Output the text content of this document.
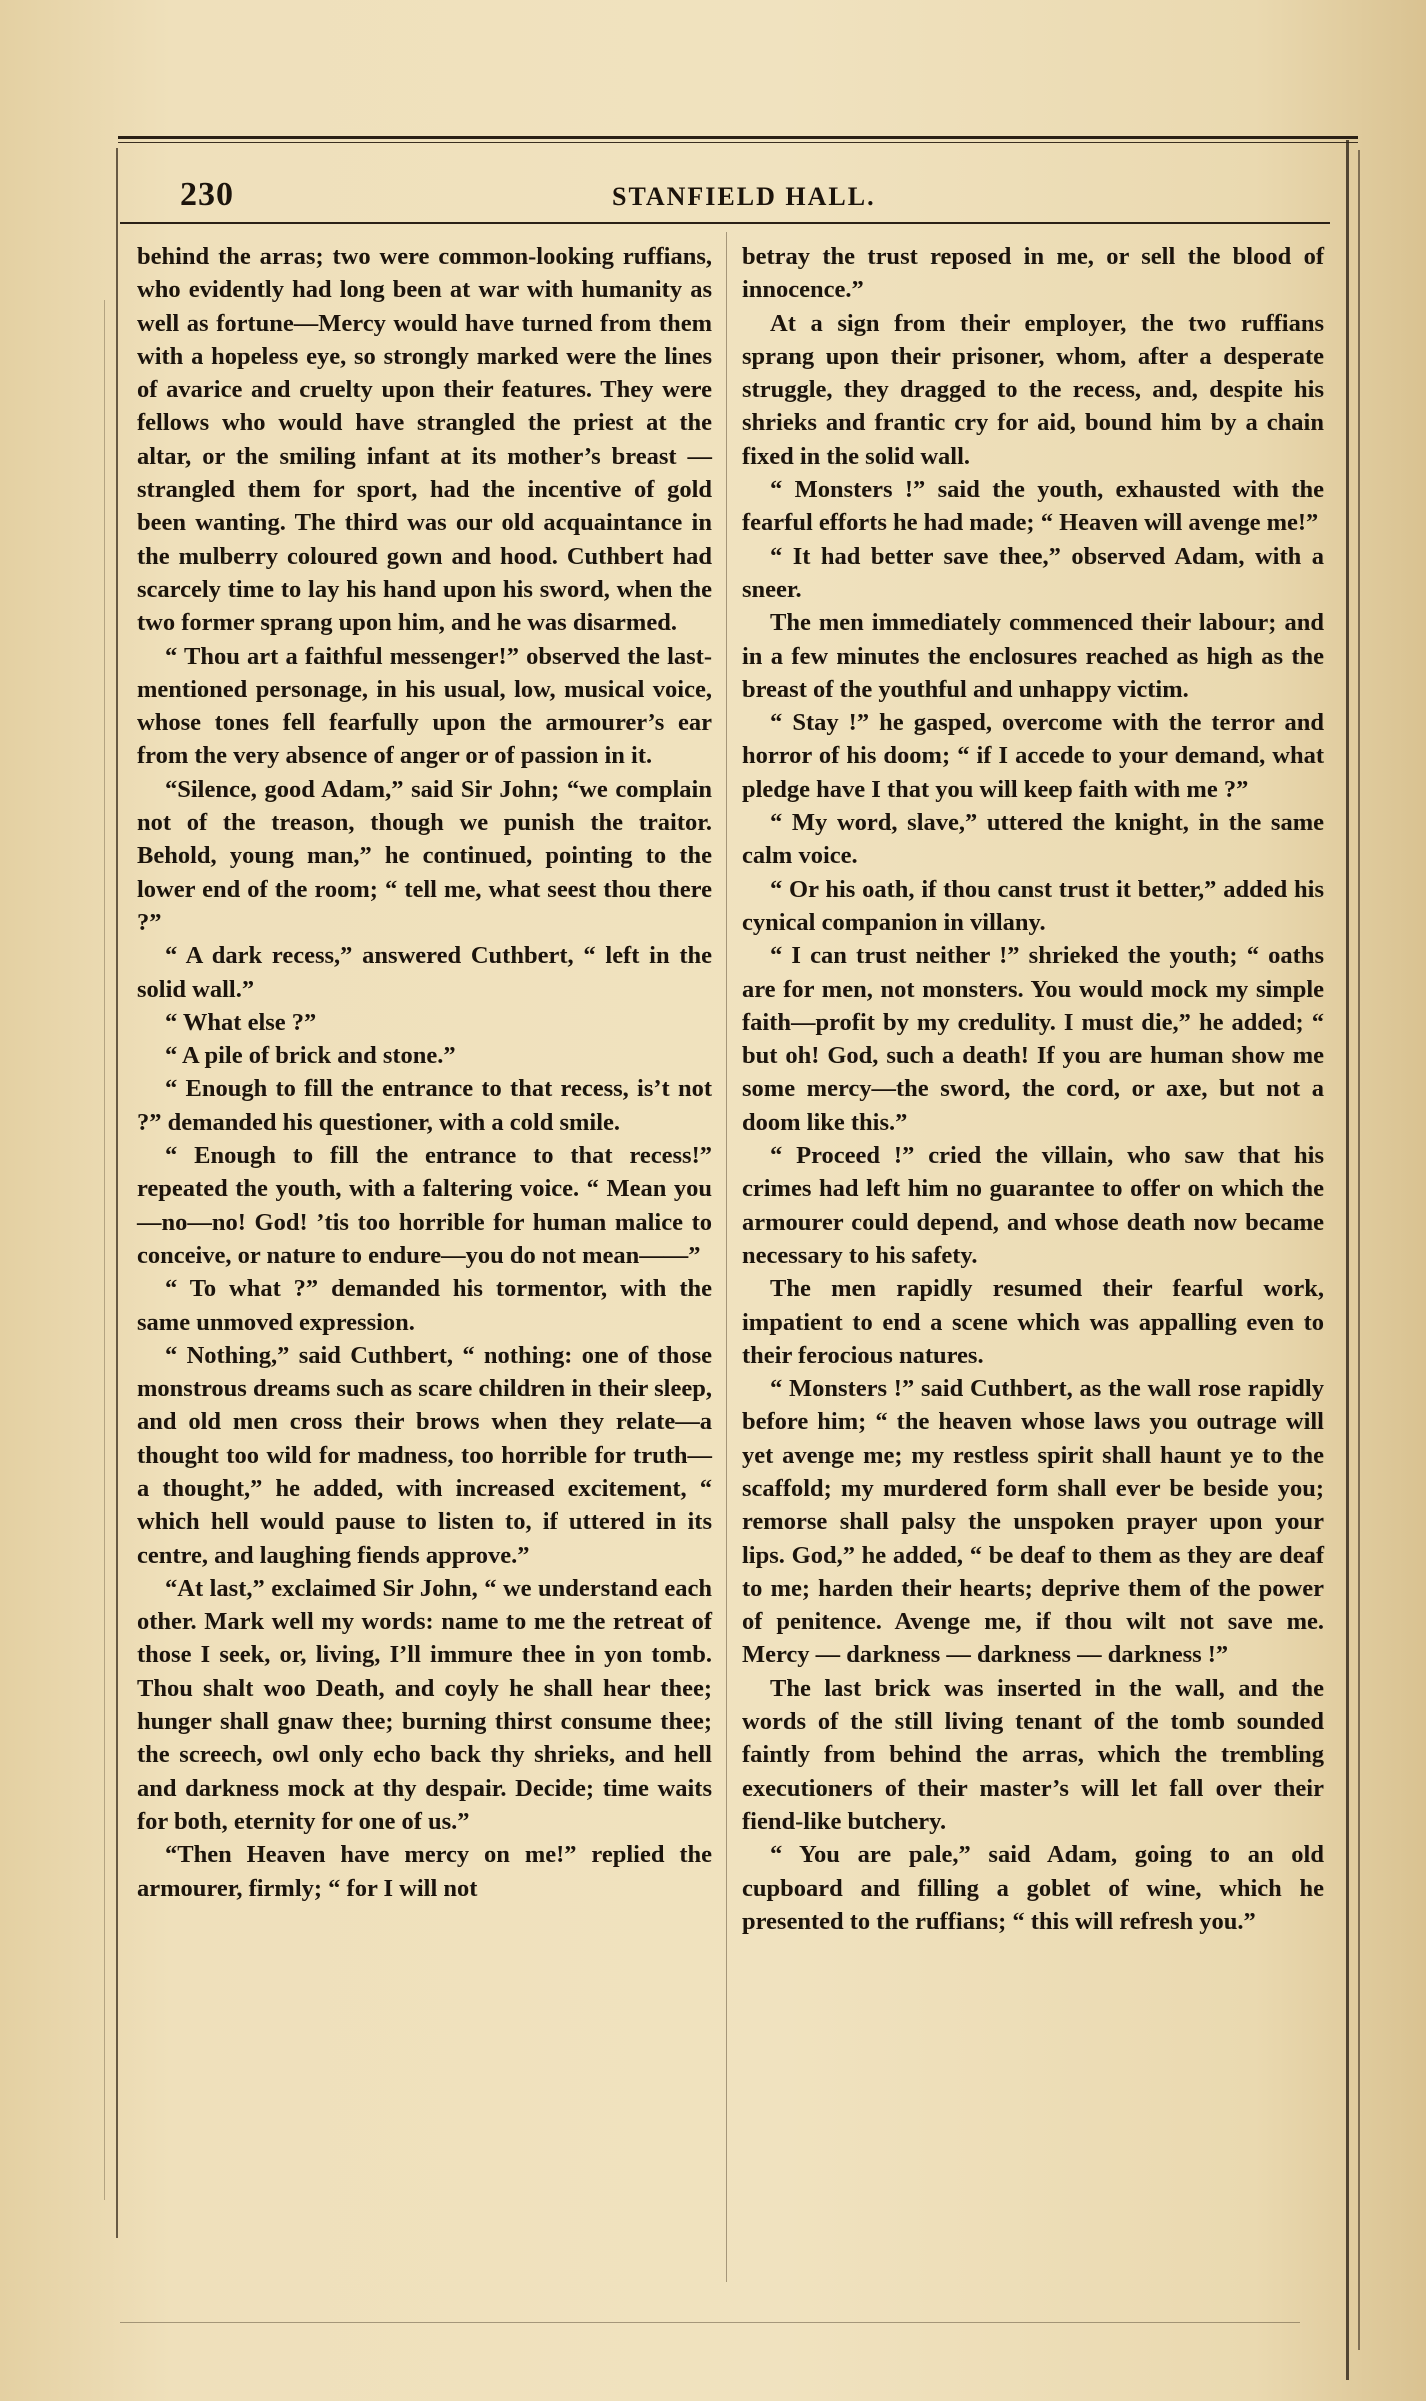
230	STANFIELD HALL.

behind the arras; two were common-looking ruffians, who evidently had long been at war with humanity as well as fortune—Mercy would have turned from them with a hopeless eye, so strongly marked were the lines of avarice and cruelty upon their features. They were fellows who would have strangled the priest at the altar, or the smiling infant at its mother’s breast — strangled them for sport, had the incentive of gold been wanting. The third was our old acquaintance in the mulberry coloured gown and hood. Cuthbert had scarcely time to lay his hand upon his sword, when the two former sprang upon him, and he was disarmed.

“ Thou art a faithful messenger!” observed the last-mentioned personage, in his usual, low, musical voice, whose tones fell fearfully upon the armourer’s ear from the very absence of anger or of passion in it.

“Silence, good Adam,” said Sir John; “we complain not of the treason, though we punish the traitor. Behold, young man,” he continued, pointing to the lower end of the room; “ tell me, what seest thou there ?”

“ A dark recess,” answered Cuthbert, “ left in the solid wall.”

“ What else ?”

“ A pile of brick and stone.”

“ Enough to fill the entrance to that recess, is’t not ?” demanded his questioner, with a cold smile.

“ Enough to fill the entrance to that recess!” repeated the youth, with a faltering voice. “ Mean you—no—no! God! ’tis too horrible for human malice to conceive, or nature to endure—you do not mean——”

“ To what ?” demanded his tormentor, with the same unmoved expression.

“ Nothing,” said Cuthbert, “ nothing: one of those monstrous dreams such as scare children in their sleep, and old men cross their brows when they relate—a thought too wild for madness, too horrible for truth—a thought,” he added, with increased excitement, “ which hell would pause to listen to, if uttered in its centre, and laughing fiends approve.”

“At last,” exclaimed Sir John, “ we understand each other. Mark well my words: name to me the retreat of those I seek, or, living, I’ll immure thee in yon tomb. Thou shalt woo Death, and coyly he shall hear thee; hunger shall gnaw thee; burning thirst consume thee; the screech, owl only echo back thy shrieks, and hell and darkness mock at thy despair. Decide; time waits for both, eternity for one of us.”

“Then Heaven have mercy on me!” replied the armourer, firmly; “ for I will not

betray the trust reposed in me, or sell the blood of innocence.”

At a sign from their employer, the two ruffians sprang upon their prisoner, whom, after a desperate struggle, they dragged to the recess, and, despite his shrieks and frantic cry for aid, bound him by a chain fixed in the solid wall.

“ Monsters !” said the youth, exhausted with the fearful efforts he had made; “ Heaven will avenge me!”

“ It had better save thee,” observed Adam, with a sneer.

The men immediately commenced their labour; and in a few minutes the enclosures reached as high as the breast of the youthful and unhappy victim.

“ Stay !” he gasped, overcome with the terror and horror of his doom; “ if I accede to your demand, what pledge have I that you will keep faith with me ?”

“ My word, slave,” uttered the knight, in the same calm voice.

“ Or his oath, if thou canst trust it better,” added his cynical companion in villany.

“ I can trust neither !” shrieked the youth; “ oaths are for men, not monsters. You would mock my simple faith—profit by my credulity. I must die,” he added; “ but oh! God, such a death! If you are human show me some mercy—the sword, the cord, or axe, but not a doom like this.”

“ Proceed !” cried the villain, who saw that his crimes had left him no guarantee to offer on which the armourer could depend, and whose death now became necessary to his safety.

The men rapidly resumed their fearful work, impatient to end a scene which was appalling even to their ferocious natures.

“ Monsters !” said Cuthbert, as the wall rose rapidly before him; “ the heaven whose laws you outrage will yet avenge me; my restless spirit shall haunt ye to the scaffold; my murdered form shall ever be beside you; remorse shall palsy the unspoken prayer upon your lips. God,” he added, “ be deaf to them as they are deaf to me; harden their hearts; deprive them of the power of penitence. Avenge me, if thou wilt not save me. Mercy — darkness — darkness — darkness !”

The last brick was inserted in the wall, and the words of the still living tenant of the tomb sounded faintly from behind the arras, which the trembling executioners of their master’s will let fall over their fiend-like butchery.

“ You are pale,” said Adam, going to an old cupboard and filling a goblet of wine, which he presented to the ruffians; “ this will refresh you.”
